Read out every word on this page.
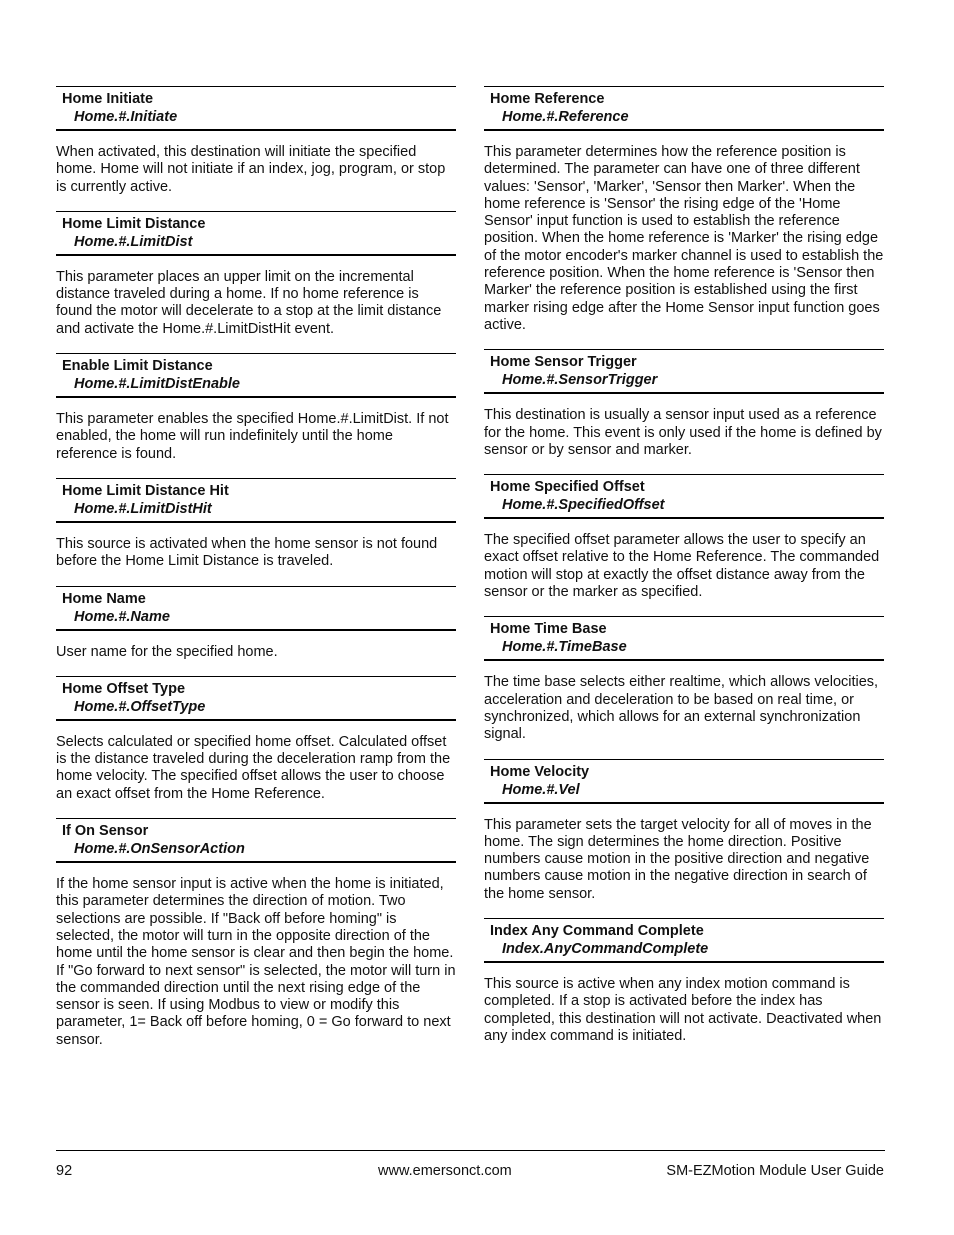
Home Initiate
Home.#.Initiate

When activated, this destination will initiate the specified home. Home will not initiate if an index, jog, program, or stop is currently active.

Home Limit Distance
Home.#.LimitDist

This parameter places an upper limit on the incremental distance traveled during a home. If no home reference is found the motor will decelerate to a stop at the limit distance and activate the Home.#.LimitDistHit event.

Enable Limit Distance
Home.#.LimitDistEnable

This parameter enables the specified Home.#.LimitDist. If not enabled, the home will run indefinitely until the home reference is found.

Home Limit Distance Hit
Home.#.LimitDistHit

This source is activated when the home sensor is not found before the Home Limit Distance is traveled.

Home Name
Home.#.Name

User name for the specified home.

Home Offset Type
Home.#.OffsetType

Selects calculated or specified home offset. Calculated offset is the distance traveled during the deceleration ramp from the home velocity. The specified offset allows the user to choose an exact offset from the Home Reference.

If On Sensor
Home.#.OnSensorAction

If the home sensor input is active when the home is initiated, this parameter determines the direction of motion. Two selections are possible. If "Back off before homing" is selected, the motor will turn in the opposite direction of the home until the home sensor is clear and then begin the home. If "Go forward to next sensor" is selected, the motor will turn in the commanded direction until the next rising edge of the sensor is seen. If using Modbus to view or modify this parameter, 1= Back off before homing, 0 = Go forward to next sensor.

Home Reference
Home.#.Reference

This parameter determines how the reference position is determined. The parameter can have one of three different values: 'Sensor', 'Marker', 'Sensor then Marker'. When the home reference is 'Sensor' the rising edge of the 'Home Sensor' input function is used to establish the reference position. When the home reference is 'Marker' the rising edge of the motor encoder's marker channel is used to establish the reference position. When the home reference is 'Sensor then Marker' the reference position is established using the first marker rising edge after the Home Sensor input function goes active.

Home Sensor Trigger
Home.#.SensorTrigger

This destination is usually a sensor input used as a reference for the home. This event is only used if the home is defined by sensor or by sensor and marker.

Home Specified Offset
Home.#.SpecifiedOffset

The specified offset parameter allows the user to specify an exact offset relative to the Home Reference. The commanded motion will stop at exactly the offset distance away from the sensor or the marker as specified.

Home Time Base
Home.#.TimeBase

The time base selects either realtime, which allows velocities, acceleration and deceleration to be based on real time, or synchronized, which allows for an external synchronization signal.

Home Velocity
Home.#.Vel

This parameter sets the target velocity for all of moves in the home. The sign determines the home direction. Positive numbers cause motion in the positive direction and negative numbers cause motion in the negative direction in search of the home sensor.

Index Any Command Complete
Index.AnyCommandComplete

This source is active when any index motion command is completed. If a stop is activated before the index has completed, this destination will not activate. Deactivated when any index command is initiated.

92	www.emersonct.com	SM-EZMotion Module User Guide
